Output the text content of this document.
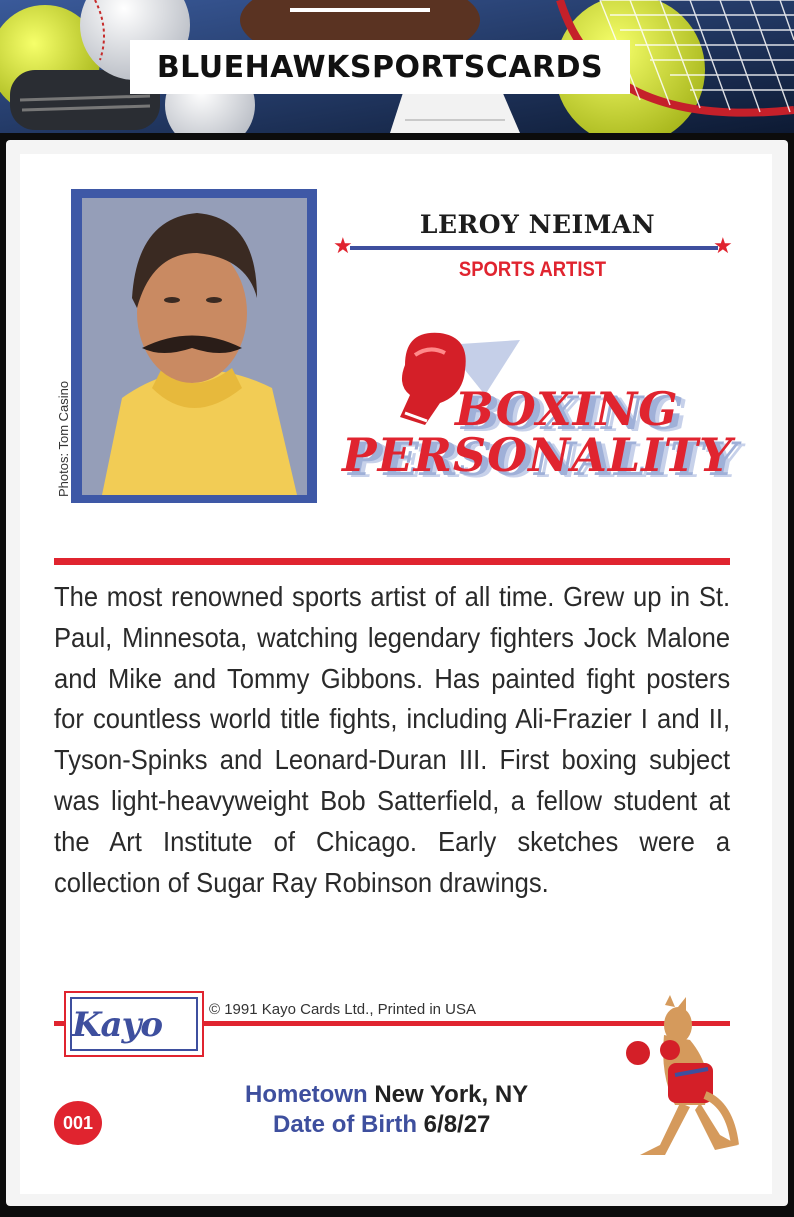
BLUEHAWKSPORTSCARDS
Photos: Tom Casino
LEROY NEIMAN
★	★
SPORTS ARTIST
BOXING
PERSONALITY
The most renowned sports artist of all time. Grew up in St. Paul, Minnesota, watching legendary fighters Jock Malone and Mike and Tommy Gibbons. Has painted fight posters for countless world title fights, including Ali-Frazier I and II, Tyson-Spinks and Leonard-Duran III. First boxing subject was light-heavyweight Bob Satterfield, a fellow student at the Art Institute of Chicago. Early sketches were a collection of Sugar Ray Robinson drawings.
Kayo	© 1991 Kayo Cards Ltd., Printed in USA
001
Hometown New York, NY
Date of Birth 6/8/27
